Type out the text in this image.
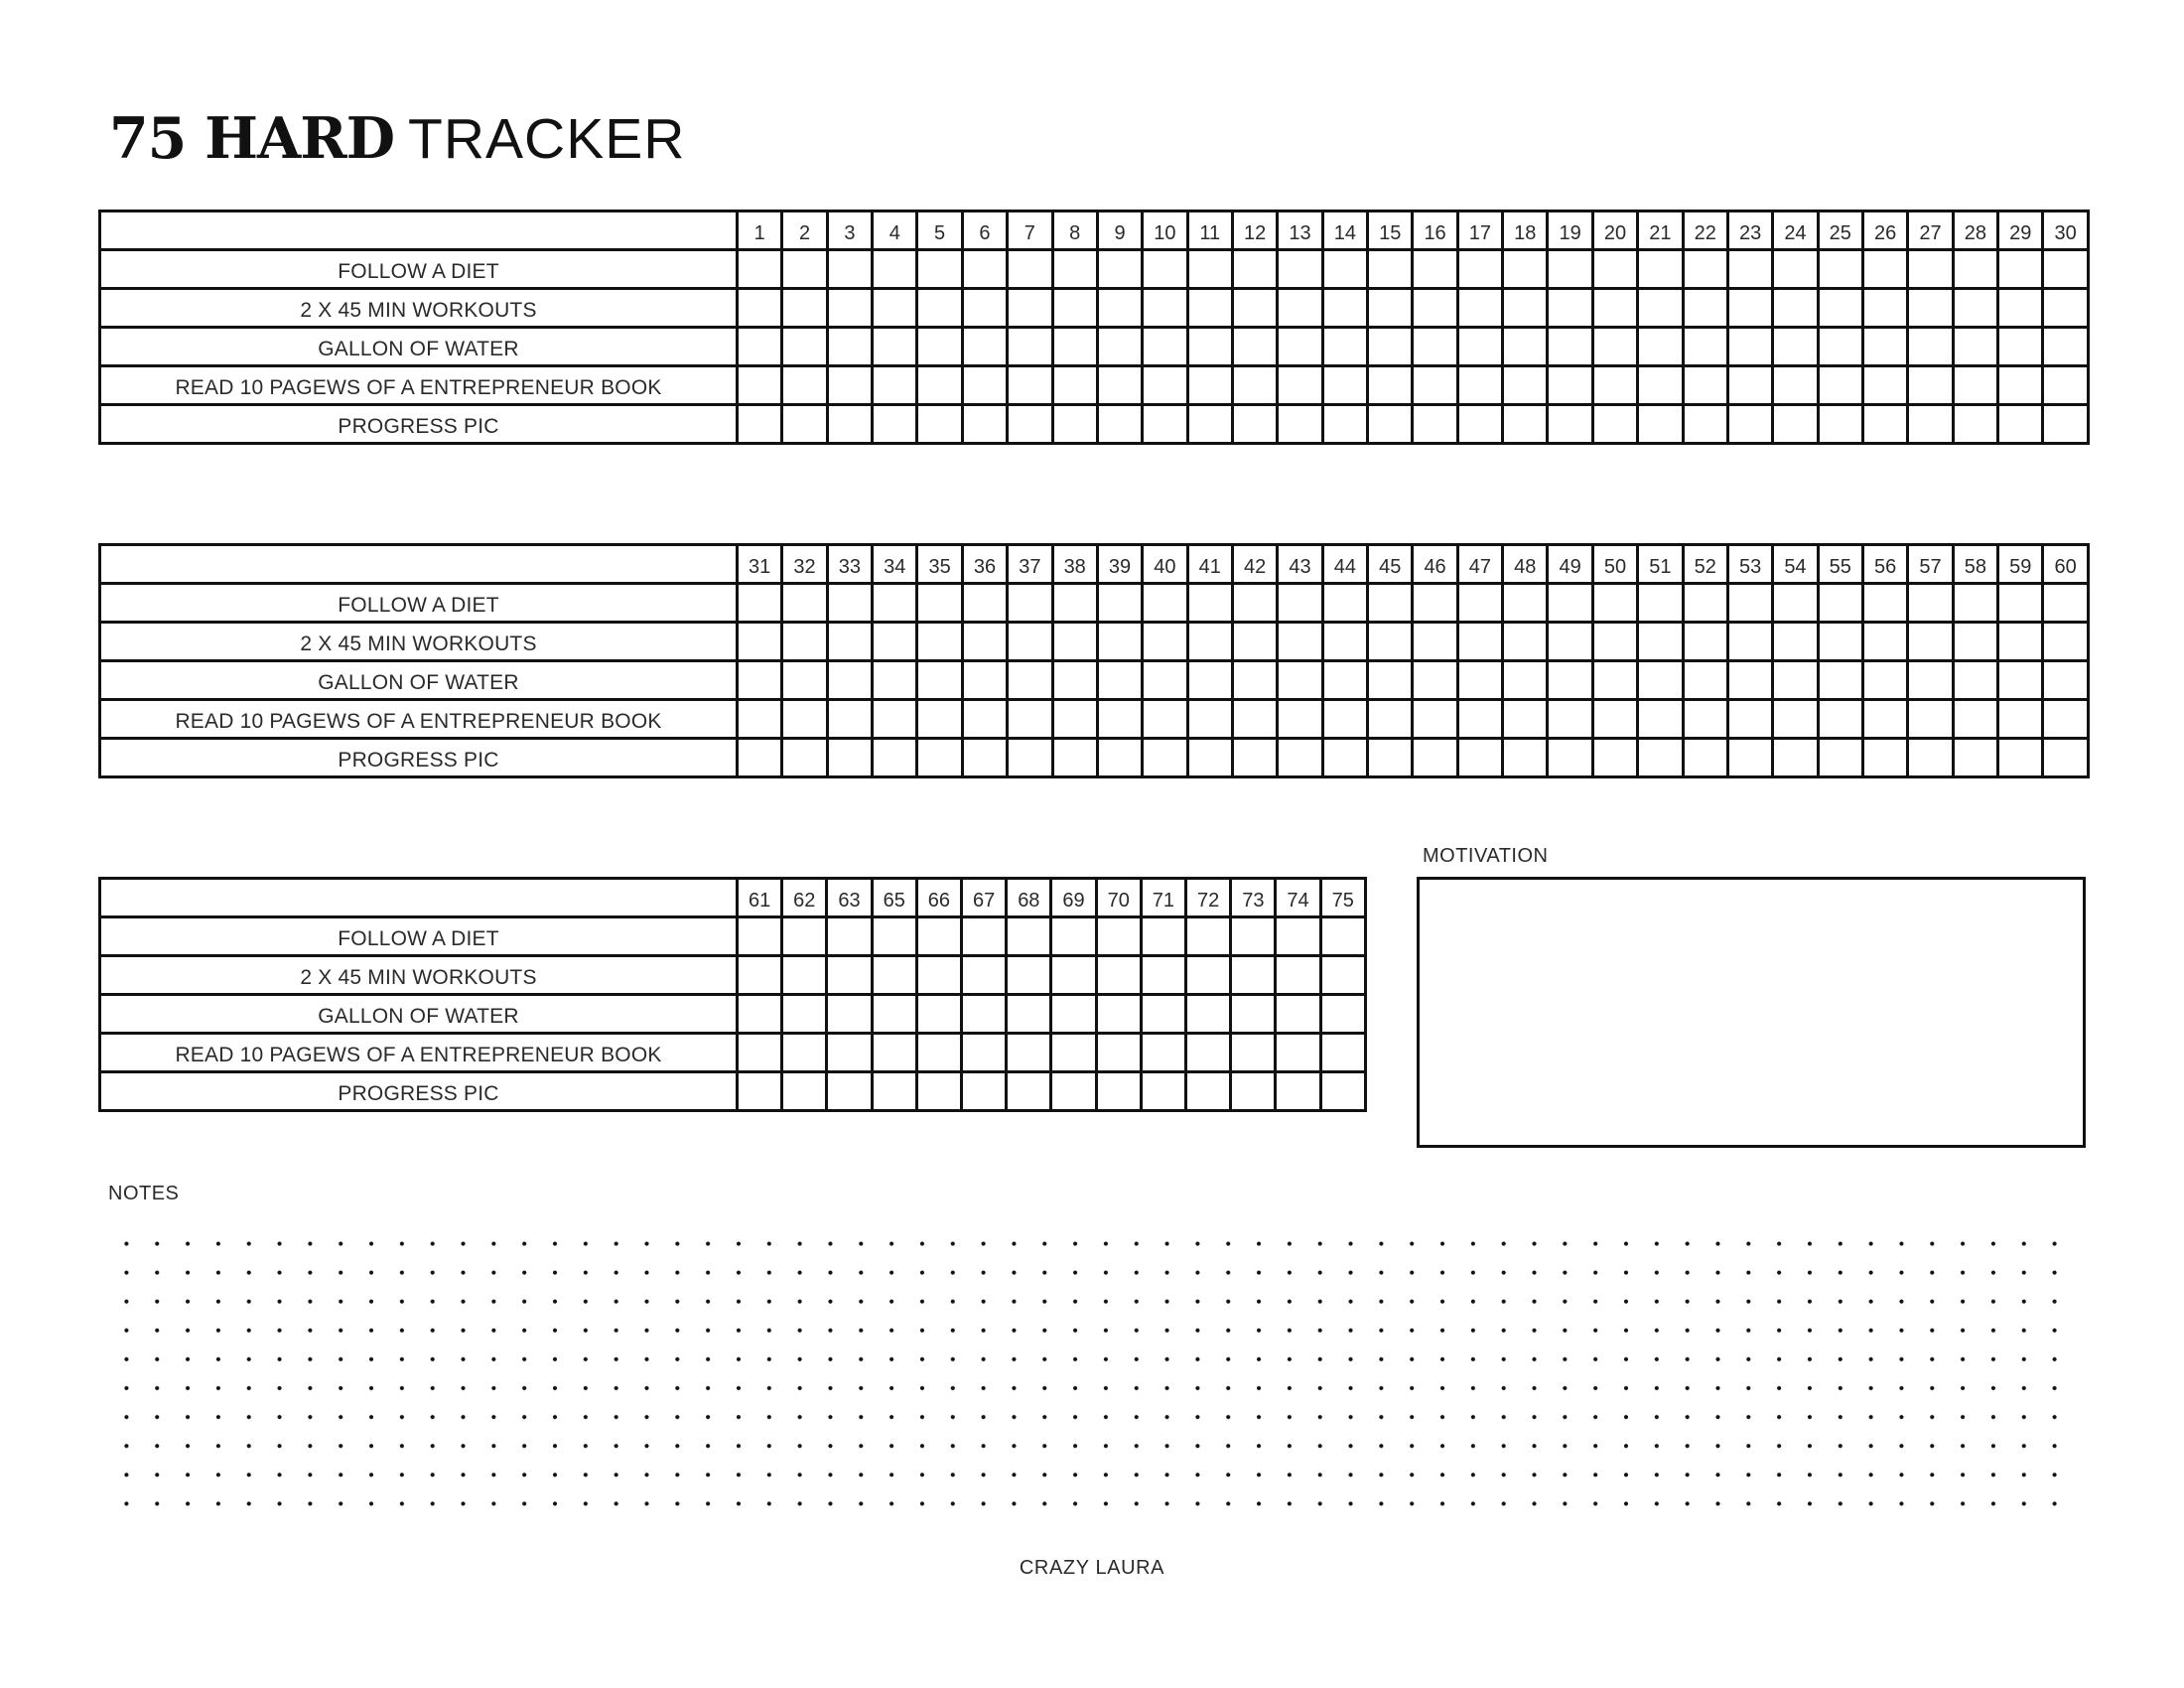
75 HARD TRACKER
	1	2	3	4	5	6	7	8	9	10	11	12	13	14	15	16	17	18	19	20	21	22	23	24	25	26	27	28	29	30
FOLLOW A DIET																														
2 X 45 MIN WORKOUTS																														
GALLON OF WATER																														
READ 10 PAGEWS OF A ENTREPRENEUR BOOK																														
PROGRESS PIC																														
	31	32	33	34	35	36	37	38	39	40	41	42	43	44	45	46	47	48	49	50	51	52	53	54	55	56	57	58	59	60
FOLLOW A DIET																														
2 X 45 MIN WORKOUTS																														
GALLON OF WATER																														
READ 10 PAGEWS OF A ENTREPRENEUR BOOK																														
PROGRESS PIC																														
	61	62	63	65	66	67	68	69	70	71	72	73	74	75
FOLLOW A DIET														
2 X 45 MIN WORKOUTS														
GALLON OF WATER														
READ 10 PAGEWS OF A ENTREPRENEUR BOOK														
PROGRESS PIC														
MOTIVATION
NOTES
CRAZY LAURA
